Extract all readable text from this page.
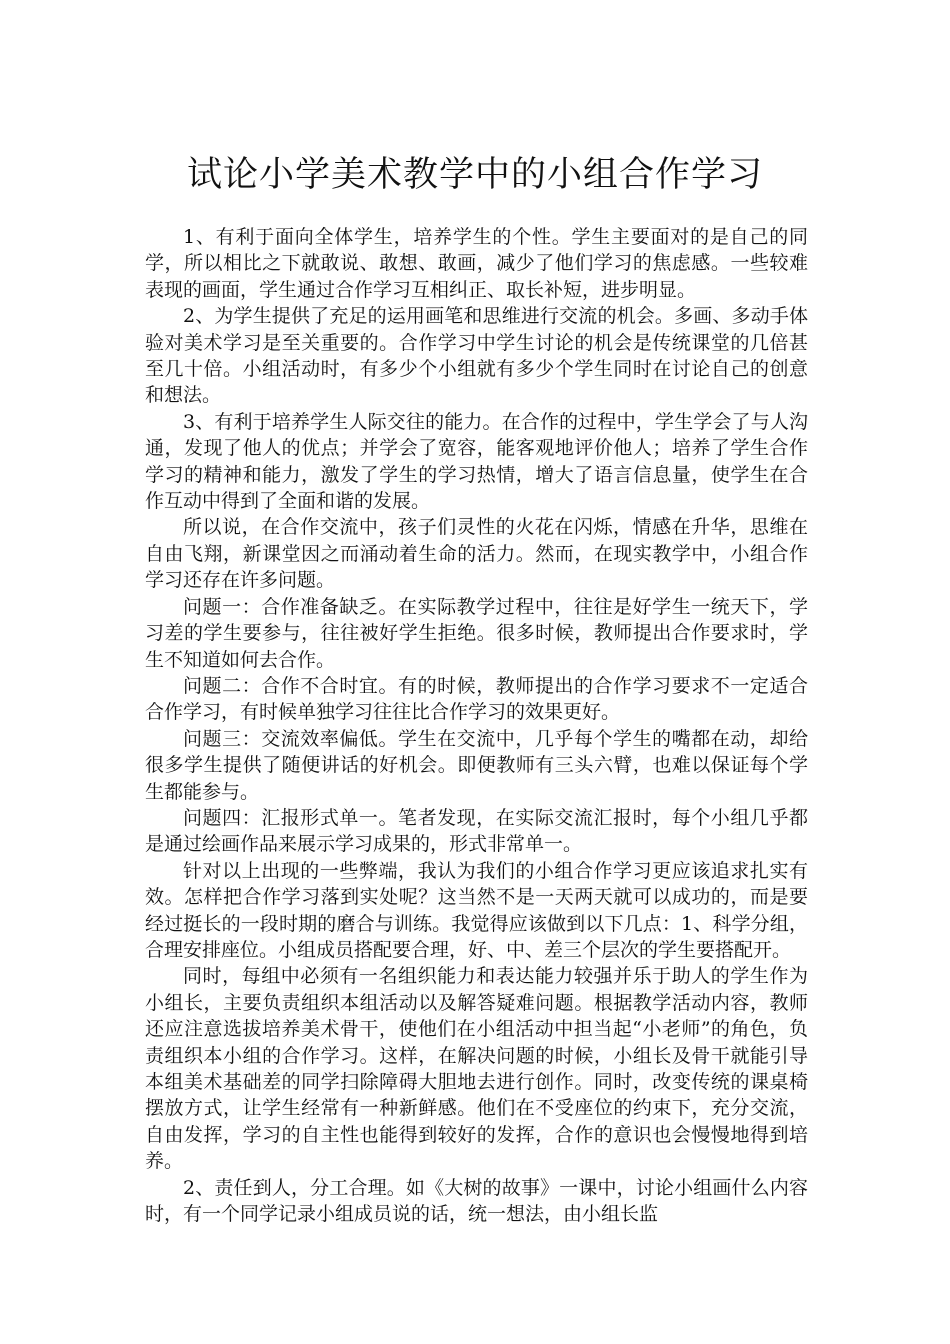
试论小学美术教学中的小组合作学习

1、有利于面向全体学生，培养学生的个性。学生主要面对的是自己的同学，所以相比之下就敢说、敢想、敢画，减少了他们学习的焦虑感。一些较难表现的画面，学生通过合作学习互相纠正、取长补短，进步明显。

2、为学生提供了充足的运用画笔和思维进行交流的机会。多画、多动手体验对美术学习是至关重要的。合作学习中学生讨论的机会是传统课堂的几倍甚至几十倍。小组活动时，有多少个小组就有多少个学生同时在讨论自己的创意和想法。

3、有利于培养学生人际交往的能力。在合作的过程中，学生学会了与人沟通，发现了他人的优点；并学会了宽容，能客观地评价他人；培养了学生合作学习的精神和能力，激发了学生的学习热情，增大了语言信息量，使学生在合作互动中得到了全面和谐的发展。

所以说，在合作交流中，孩子们灵性的火花在闪烁，情感在升华，思维在自由飞翔，新课堂因之而涌动着生命的活力。然而，在现实教学中，小组合作学习还存在许多问题。

问题一：合作准备缺乏。在实际教学过程中，往往是好学生一统天下，学习差的学生要参与，往往被好学生拒绝。很多时候，教师提出合作要求时，学生不知道如何去合作。

问题二：合作不合时宜。有的时候，教师提出的合作学习要求不一定适合合作学习，有时候单独学习往往比合作学习的效果更好。

问题三：交流效率偏低。学生在交流中，几乎每个学生的嘴都在动，却给很多学生提供了随便讲话的好机会。即便教师有三头六臂，也难以保证每个学生都能参与。

问题四：汇报形式单一。笔者发现，在实际交流汇报时，每个小组几乎都是通过绘画作品来展示学习成果的，形式非常单一。

针对以上出现的一些弊端，我认为我们的小组合作学习更应该追求扎实有效。怎样把合作学习落到实处呢？这当然不是一天两天就可以成功的，而是要经过挺长的一段时期的磨合与训练。我觉得应该做到以下几点：1、科学分组，合理安排座位。小组成员搭配要合理，好、中、差三个层次的学生要搭配开。

同时，每组中必须有一名组织能力和表达能力较强并乐于助人的学生作为小组长，主要负责组织本组活动以及解答疑难问题。根据教学活动内容，教师还应注意选拔培养美术骨干，使他们在小组活动中担当起“小老师”的角色，负责组织本小组的合作学习。这样，在解决问题的时候，小组长及骨干就能引导本组美术基础差的同学扫除障碍大胆地去进行创作。同时，改变传统的课桌椅摆放方式，让学生经常有一种新鲜感。他们在不受座位的约束下，充分交流，自由发挥，学习的自主性也能得到较好的发挥，合作的意识也会慢慢地得到培养。

2、责任到人，分工合理。如《大树的故事》一课中，讨论小组画什么内容时，有一个同学记录小组成员说的话，统一想法，由小组长监
